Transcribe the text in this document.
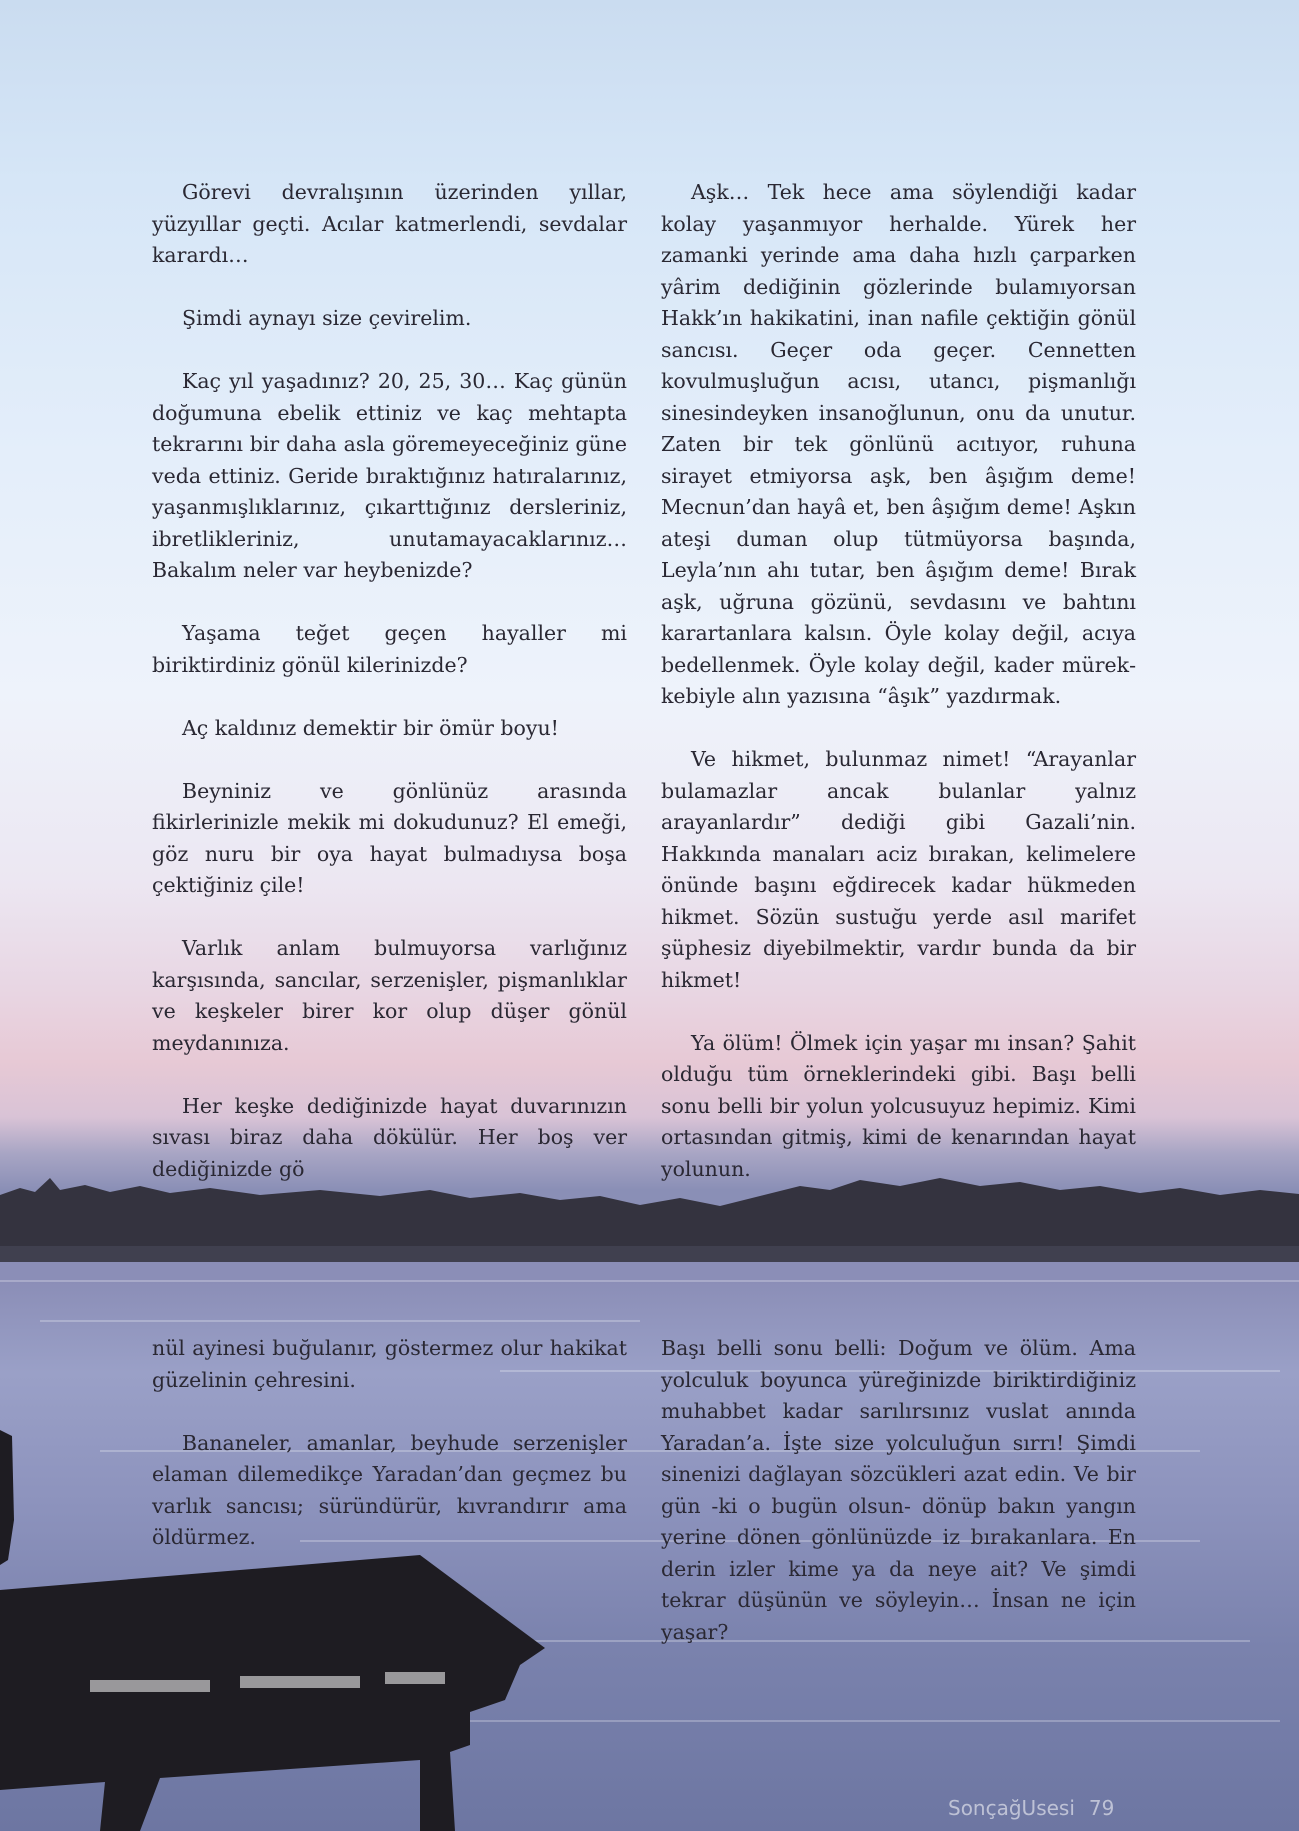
Görevi devralışının üzerinden yıllar, yüzyıllar geçti. Acılar katmerlendi, sevdalar karardı…

Şimdi aynayı size çevirelim.

Kaç yıl yaşadınız? 20, 25, 30… Kaç günün doğumuna ebelik ettiniz ve kaç mehtapta tekrarını bir daha asla göremeyeceğiniz güne veda ettiniz. Geride bıraktığınız hatıralarınız, yaşanmışlıklarınız, çıkarttığınız dersleriniz, ibretlikleriniz, unutamayacaklarınız… Bakalım neler var heybenizde?

Yaşama teğet geçen hayaller mi biriktirdiniz gönül kilerinizde?

Aç kaldınız demektir bir ömür boyu!

Beyniniz ve gönlünüz arasında fikirlerinizle mekik mi dokudunuz? El emeği, göz nuru bir oya hayat bulmadıysa boşa çektiğiniz çile!

Varlık anlam bulmuyorsa varlığınız karşısında, sancılar, serzenişler, pişmanlıklar ve keşkeler birer kor olup düşer gönül meydanınıza.

Her keşke dediğinizde hayat duvarınızın sıvası biraz daha dökülür. Her boş ver dediğinizde gö

Aşk… Tek hece ama söylendiği kadar kolay yaşanmıyor herhalde. Yürek her zamanki yerinde ama daha hızlı çarparken yârim dediğinin gözlerinde bulamıyorsan Hakk’ın hakikatini, inan nafile çektiğin gönül sancısı. Geçer oda geçer. Cennetten kovulmuşluğun acısı, utancı, pişmanlığı sinesindeyken insanoğlunun, onu da unutur. Zaten bir tek gönlünü acıtıyor, ruhuna sirayet etmiyorsa aşk, ben âşığım deme! Mecnun’dan hayâ et, ben âşığım deme! Aşkın ateşi duman olup tütmüyorsa başında, Leyla’nın ahı tutar, ben âşığım deme! Bırak aşk, uğruna gözünü, sevdasını ve bahtını karartanlara kalsın. Öyle kolay değil, acıya bedellenmek. Öyle kolay değil, kader mürekkebiyle alın yazısına “âşık” yazdırmak.

Ve hikmet, bulunmaz nimet! “Arayanlar bulamazlar ancak bulanlar yalnız arayanlardır” dediği gibi Gazali’nin. Hakkında manaları aciz bırakan, kelimelere önünde başını eğdirecek kadar hükmeden hikmet. Sözün sustuğu yerde asıl marifet şüphesiz diyebilmektir, vardır bunda da bir hikmet!

Ya ölüm! Ölmek için yaşar mı insan? Şahit olduğu tüm örneklerindeki gibi. Başı belli sonu belli bir yolun yolcusuyuz hepimiz. Kimi ortasından gitmiş, kimi de kenarından hayat yolunun.

nül ayinesi buğulanır, göstermez olur hakikat güzelinin çehresini.

Bananeler, amanlar, beyhude serzenişler elaman dilemedikçe Yaradan’dan geçmez bu varlık sancısı; süründürür, kıvrandırır ama öldürmez.

Başı belli sonu belli: Doğum ve ölüm. Ama yolculuk boyunca yüreğinizde biriktirdiğiniz muhabbet kadar sarılırsınız vuslat anında Yaradan’a. İşte size yolculuğun sırrı! Şimdi sinenizi dağlayan sözcükleri azat edin. Ve bir gün -ki o bugün olsun- dönüp bakın yangın yerine dönen gönlünüzde iz bırakanlara. En derin izler kime ya da neye ait? Ve şimdi tekrar düşünün ve söyleyin… İnsan ne için yaşar?

SonçağUsesi 79
